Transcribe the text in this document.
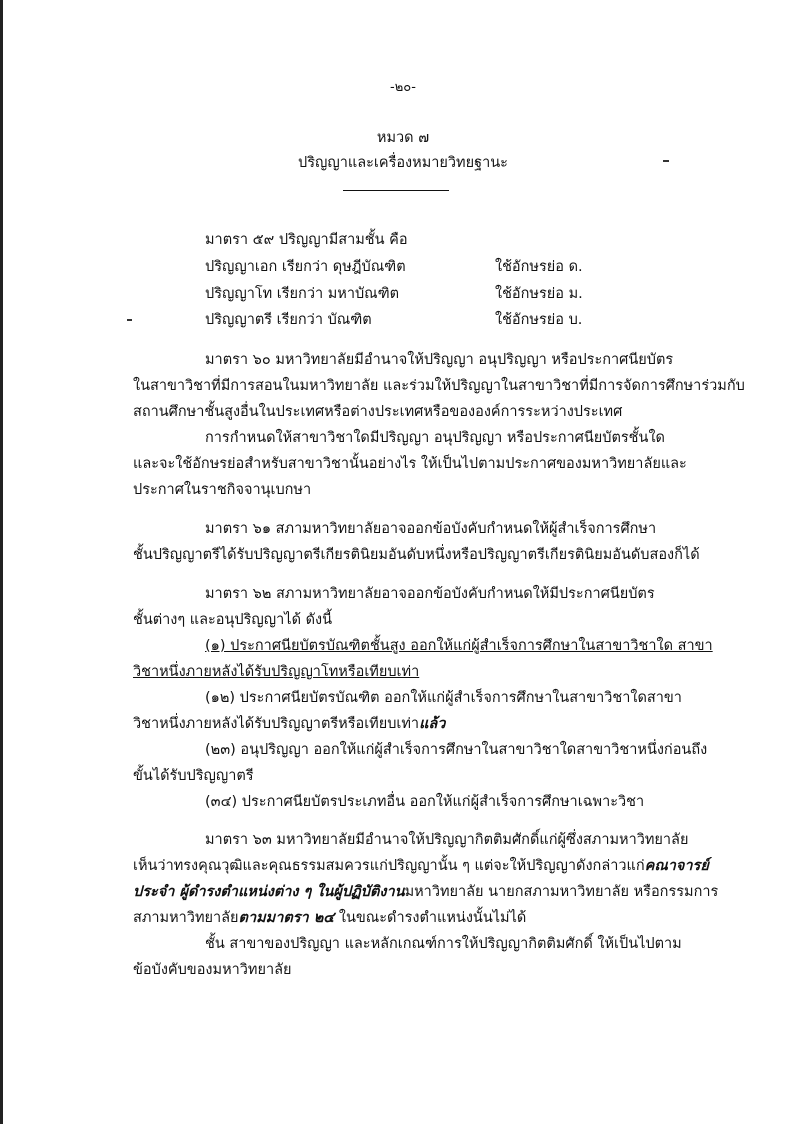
-๒๐-
หมวด ๗
ปริญญาและเครื่องหมายวิทยฐานะ
มาตรา ๕๙ ปริญญามีสามชั้น คือ
ปริญญาเอก เรียกว่า ดุษฎีบัณฑิต	ใช้อักษรย่อ ด.
ปริญญาโท เรียกว่า มหาบัณฑิต	ใช้อักษรย่อ ม.
ปริญญาตรี เรียกว่า บัณฑิต	ใช้อักษรย่อ บ.
มาตรา ๖๐ มหาวิทยาลัยมีอำนาจให้ปริญญา อนุปริญญา หรือประกาศนียบัตร
ในสาขาวิชาที่มีการสอนในมหาวิทยาลัย และร่วมให้ปริญญาในสาขาวิชาที่มีการจัดการศึกษาร่วมกับ
สถานศึกษาชั้นสูงอื่นในประเทศหรือต่างประเทศหรือขององค์การระหว่างประเทศ
การกำหนดให้สาขาวิชาใดมีปริญญา อนุปริญญา หรือประกาศนียบัตรชั้นใด
และจะใช้อักษรย่อสำหรับสาขาวิชานั้นอย่างไร ให้เป็นไปตามประกาศของมหาวิทยาลัยและ
ประกาศในราชกิจจานุเบกษา
มาตรา ๖๑ สภามหาวิทยาลัยอาจออกข้อบังคับกำหนดให้ผู้สำเร็จการศึกษา
ชั้นปริญญาตรีได้รับปริญญาตรีเกียรตินิยมอันดับหนึ่งหรือปริญญาตรีเกียรตินิยมอันดับสองก็ได้
มาตรา ๖๒ สภามหาวิทยาลัยอาจออกข้อบังคับกำหนดให้มีประกาศนียบัตร
ชั้นต่างๆ และอนุปริญญาได้ ดังนี้
(๑) ประกาศนียบัตรบัณฑิตชั้นสูง ออกให้แก่ผู้สำเร็จการศึกษาในสาขาวิชาใด สาขา
วิชาหนึ่งภายหลังได้รับปริญญาโทหรือเทียบเท่า
(๑๒) ประกาศนียบัตรบัณฑิต ออกให้แก่ผู้สำเร็จการศึกษาในสาขาวิชาใดสาขา
วิชาหนึ่งภายหลังได้รับปริญญาตรีหรือเทียบเท่าแล้ว
(๒๓) อนุปริญญา ออกให้แก่ผู้สำเร็จการศึกษาในสาขาวิชาใดสาขาวิชาหนึ่งก่อนถึง
ขั้นได้รับปริญญาตรี
(๓๔) ประกาศนียบัตรประเภทอื่น ออกให้แก่ผู้สำเร็จการศึกษาเฉพาะวิชา
มาตรา ๖๓ มหาวิทยาลัยมีอำนาจให้ปริญญากิตติมศักดิ์แก่ผู้ซึ่งสภามหาวิทยาลัย
เห็นว่าทรงคุณวุฒิและคุณธรรมสมควรแก่ปริญญานั้น ๆ แต่จะให้ปริญญาดังกล่าวแก่คณาจารย์
ประจำ ผู้ดำรงตำแหน่งต่าง ๆ ในผู้ปฏิบัติงานมหาวิทยาลัย นายกสภามหาวิทยาลัย หรือกรรมการ
สภามหาวิทยาลัยตามมาตรา ๒๔ ในขณะดำรงตำแหน่งนั้นไม่ได้
ชั้น สาขาของปริญญา และหลักเกณฑ์การให้ปริญญากิตติมศักดิ์ ให้เป็นไปตาม
ข้อบังคับของมหาวิทยาลัย
